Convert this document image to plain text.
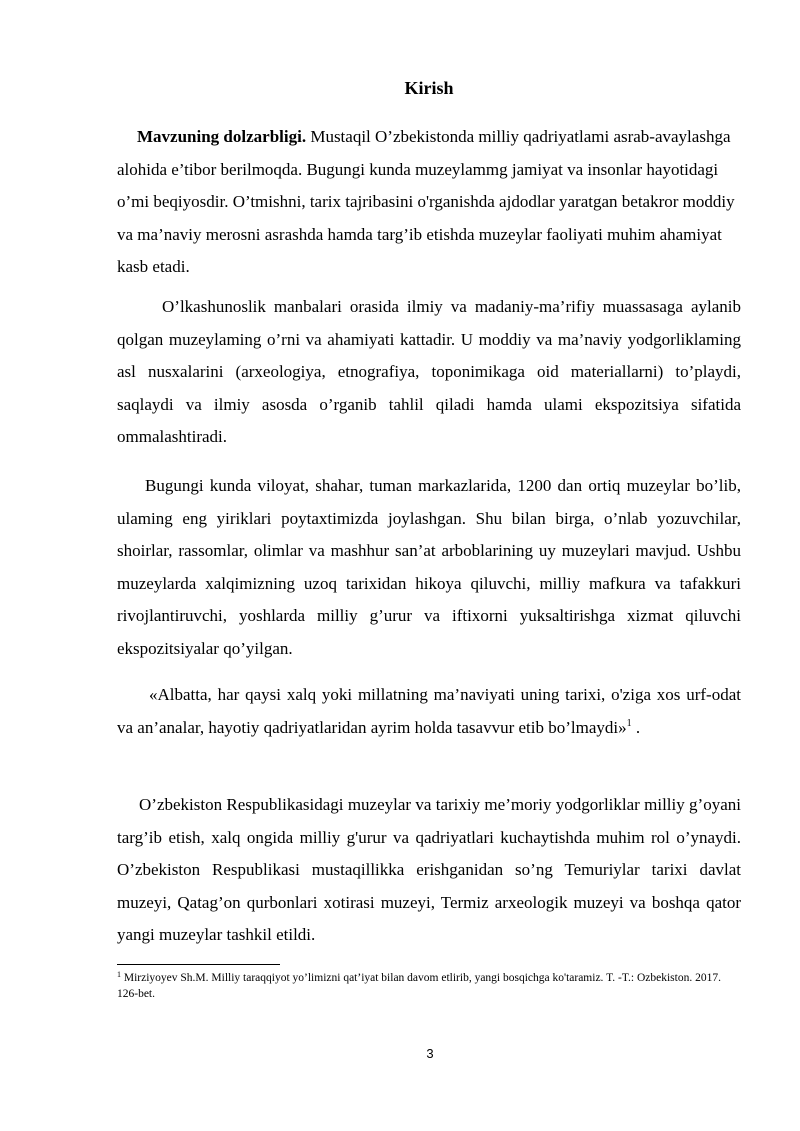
Kirish

Mavzuning dolzarbligi. Mustaqil O’zbekistonda milliy qadriyatlami asrab-avaylashga alohida e’tibor berilmoqda. Bugungi kunda muzeylammg jamiyat va insonlar hayotidagi o’mi beqiyosdir. O’tmishni, tarix tajribasini o'rganishda ajdodlar yaratgan betakror moddiy va ma’naviy merosni asrashda hamda targ’ib etishda muzeylar faoliyati muhim ahamiyat kasb etadi.

O’lkashunoslik manbalari orasida ilmiy va madaniy-ma’rifiy muassasaga aylanib qolgan muzeylaming o’rni va ahamiyati kattadir. U moddiy va ma’naviy yodgorliklaming asl nusxalarini (arxeologiya, etnografiya, toponimikaga oid materiallarni) to’playdi, saqlaydi va ilmiy asosda o’rganib tahlil qiladi hamda ulami ekspozitsiya sifatida ommalashtiradi.

Bugungi kunda viloyat, shahar, tuman markazlarida, 1200 dan ortiq muzeylar bo’lib, ulaming eng yiriklari poytaxtimizda joylashgan. Shu bilan birga, o’nlab yozuvchilar, shoirlar, rassomlar, olimlar va mashhur san’at arboblarining uy muzeylari mavjud. Ushbu muzeylarda xalqimizning uzoq tarixidan hikoya qiluvchi, milliy mafkura va tafakkuri rivojlantiruvchi, yoshlarda milliy g’urur va iftixorni yuksaltirishga xizmat qiluvchi ekspozitsiyalar qo’yilgan.

«Albatta, har qaysi xalq yoki millatning ma’naviyati uning tarixi, o'ziga xos urf-odat va an’analar, hayotiy qadriyatlaridan ayrim holda tasavvur etib bo’lmaydi»$^1$ .

O’zbekiston Respublikasidagi muzeylar va tarixiy me’moriy yodgorliklar milliy g’oyani targ’ib etish, xalq ongida milliy g'urur va qadriyatlari kuchaytishda muhim rol o’ynaydi. O’zbekiston Respublikasi mustaqillikka erishganidan so’ng Temuriylar tarixi davlat muzeyi, Qatag’on qurbonlari xotirasi muzeyi, Termiz arxeologik muzeyi va boshqa qator yangi muzeylar tashkil etildi.

$^1$ Mirziyoyev Sh.M. Milliy taraqqiyot yo’limizni qat’iyat bilan davom etlirib, yangi bosqichga ko'taramiz. T. -T.: Ozbekiston. 2017. 126-bet.
3
